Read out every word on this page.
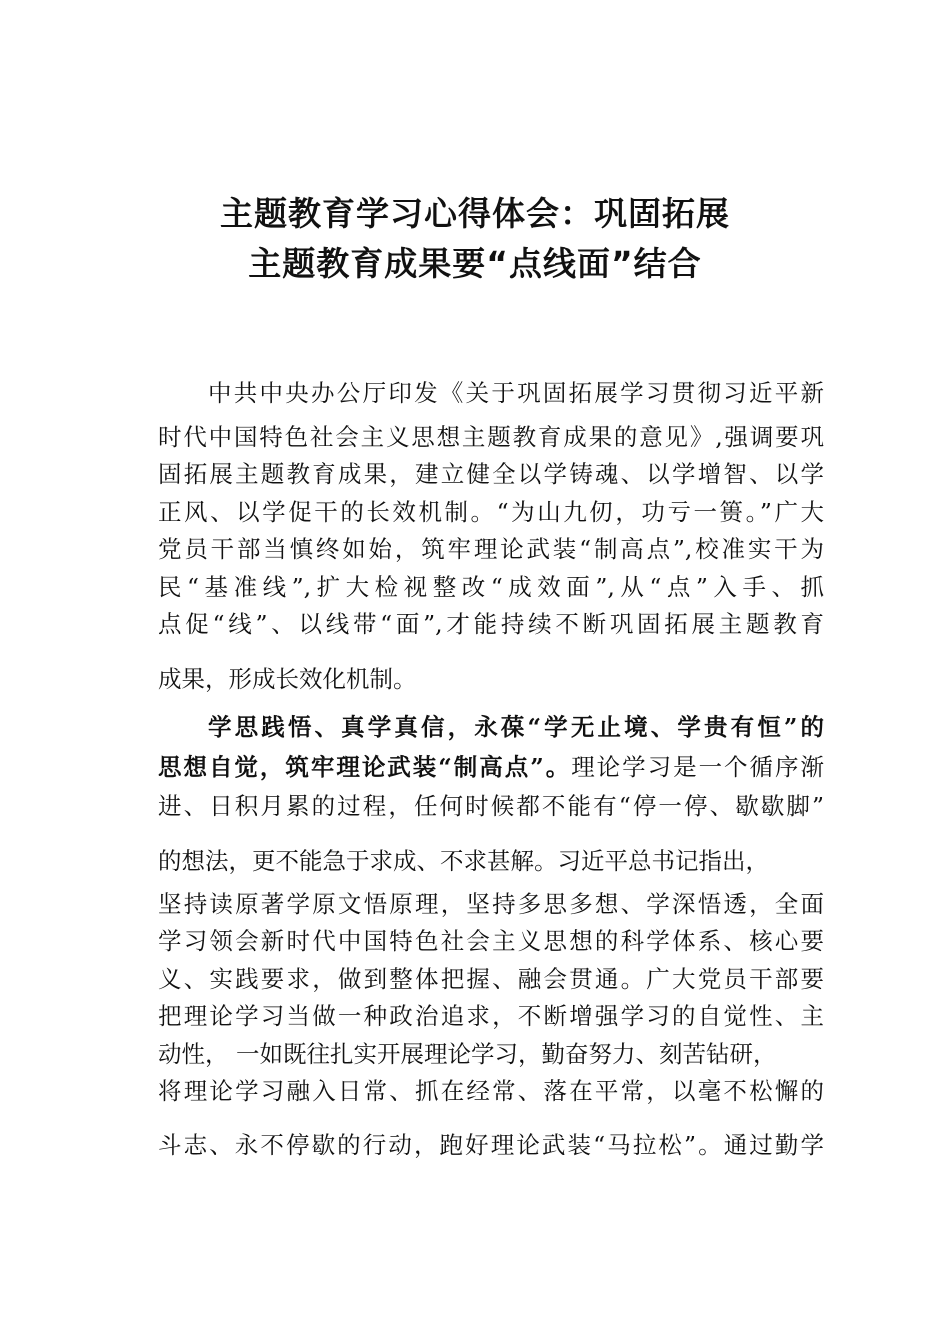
主题教育学习心得体会：巩固拓展
主题教育成果要“点线面”结合
中共中央办公厅印发《关于巩固拓展学习贯彻习近平新
时代中国特色社会主义思想主题教育成果的意见》,强调要巩
固拓展主题教育成果，建立健全以学铸魂、以学增智、以学
正风、以学促干的长效机制。“为山九仞，功亏一篑。”广大
党员干部当慎终如始，筑牢理论武装“制高点”,校准实干为
民“基准线”,扩大检视整改“成效面”,从“点”入手、抓
点促“线”、以线带“面”,才能持续不断巩固拓展主题教育
成果，形成长效化机制。
学思践悟、真学真信，永葆“学无止境、学贵有恒”的
思想自觉，筑牢理论武装“制高点”。理论学习是一个循序渐
进、日积月累的过程，任何时候都不能有“停一停、歇歇脚”
的想法，更不能急于求成、不求甚解。习近平总书记指出，
坚持读原著学原文悟原理，坚持多思多想、学深悟透，全面
学习领会新时代中国特色社会主义思想的科学体系、核心要
义、实践要求，做到整体把握、融会贯通。广大党员干部要
把理论学习当做一种政治追求，不断增强学习的自觉性、主
动性， 一如既往扎实开展理论学习，勤奋努力、刻苦钻研，
将理论学习融入日常、抓在经常、落在平常，以毫不松懈的
斗志、永不停歇的行动，跑好理论武装“马拉松”。通过勤学
